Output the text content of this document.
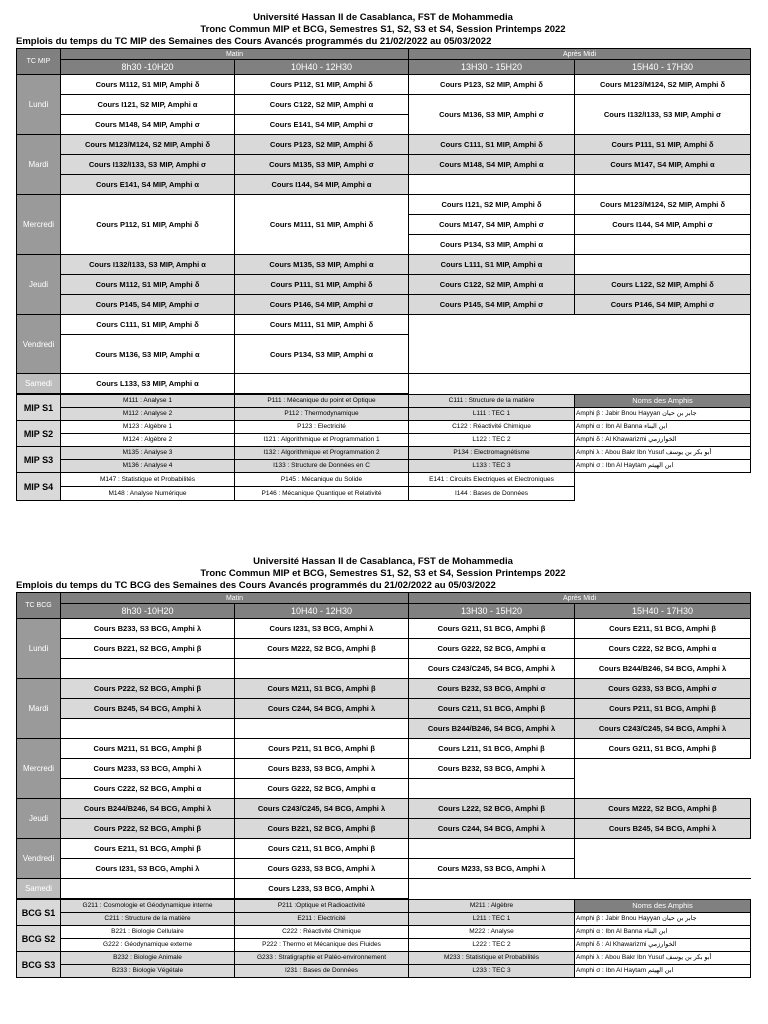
Université Hassan II de Casablanca, FST de Mohammedia
Tronc Commun MIP et BCG, Semestres S1, S2, S3 et S4, Session Printemps 2022
Emplois du temps du TC MIP des Semaines des Cours Avancés programmés du 21/02/2022 au 05/03/2022
TC MIP	Matin		Après Midi	
	8h30 -10H20	10H40 - 12H30	13H30 - 15H20	15H40 - 17H30
Lundi	Cours M112, S1 MIP, Amphi δ	Cours P112, S1 MIP, Amphi δ	Cours P123, S2 MIP, Amphi δ	Cours M123/M124, S2 MIP, Amphi δ
	Cours I121, S2 MIP, Amphi α	Cours C122, S2 MIP, Amphi α	Cours M136, S3 MIP, Amphi σ	Cours I132/I133, S3 MIP, Amphi σ
	Cours M148, S4 MIP, Amphi σ	Cours E141, S4 MIP, Amphi σ		
Mardi	Cours M123/M124, S2 MIP, Amphi δ	Cours P123, S2 MIP, Amphi δ	Cours C111, S1 MIP, Amphi δ	Cours P111, S1 MIP, Amphi δ
	Cours I132/I133, S3 MIP, Amphi σ	Cours M135, S3 MIP, Amphi σ	Cours M148, S4 MIP, Amphi α	Cours M147, S4 MIP, Amphi α
	Cours E141, S4 MIP, Amphi α	Cours I144, S4 MIP, Amphi α		
Mercredi	Cours P112, S1 MIP, Amphi δ	Cours M111, S1 MIP, Amphi δ	Cours I121, S2 MIP, Amphi δ	Cours M123/M124, S2 MIP, Amphi δ
			Cours M147, S4 MIP, Amphi σ	Cours I144, S4 MIP, Amphi σ
			Cours P134, S3 MIP, Amphi α	
Jeudi	Cours I132/I133, S3 MIP, Amphi α	Cours M135, S3 MIP, Amphi α	Cours L111, S1 MIP, Amphi α	
	Cours M112, S1 MIP, Amphi δ	Cours P111, S1 MIP, Amphi δ	Cours C122, S2 MIP, Amphi α	Cours L122, S2 MIP, Amphi δ
	Cours P145, S4 MIP, Amphi σ	Cours P146, S4 MIP, Amphi σ	Cours P145, S4 MIP, Amphi σ	Cours P146, S4 MIP, Amphi σ
Vendredi	Cours C111, S1 MIP, Amphi δ	Cours M111, S1 MIP, Amphi δ		
	Cours M136, S3 MIP, Amphi α	Cours P134, S3 MIP, Amphi α		
Samedi	Cours L133, S3 MIP, Amphi α			
MIP S1	M111 : Analyse 1	P111 : Mécanique du point et Optique	C111 : Structure de la matière	Noms des Amphis
	M112 : Analyse 2	P112 : Thermodynamique	L111 : TEC 1	Amphi β : Jabir Bnou Hayyan جابر بن حيان
MIP S2	M123 : Algèbre 1	P123 : Electricité	C122 : Réactivité Chimique	Amphi α : Ibn Al Banna ابن البناء
	M124 : Algèbre 2	I121 : Algorithmique et Programmation 1	L122 : TEC 2	Amphi δ : Al Khawarizmi الخوارزمي
MIP S3	M135 : Analyse 3	I132 : Algorithmique et Programmation 2	P134 : Electromagnétisme	Amphi λ : Abou Bakr Ibn Yusuf أبو بكر بن يوسف
	M136 : Analyse 4	I133 : Structure de Données en C	L133 : TEC 3	Amphi σ : Ibn Al Haytam ابن الهيثم
MIP S4	M147 : Statistique et Probabilités	P145 : Mécanique du Solide	E141 : Circuits Electriques et Electroniques	
	M148 : Analyse Numérique	P146 : Mécanique Quantique et Relativité	I144 : Bases de Données	
Université Hassan II de Casablanca, FST de Mohammedia
Tronc Commun MIP et BCG, Semestres S1, S2, S3 et S4, Session Printemps 2022
Emplois du temps du TC BCG des Semaines des Cours Avancés programmés du 21/02/2022 au 05/03/2022
TC BCG	Matin		Après Midi	
	8h30 -10H20	10H40 - 12H30	13H30 - 15H20	15H40 - 17H30
Lundi	Cours B233, S3 BCG, Amphi λ	Cours I231, S3 BCG, Amphi λ	Cours G211, S1 BCG, Amphi β	Cours E211, S1 BCG, Amphi β
	Cours B221, S2 BCG, Amphi β	Cours M222, S2 BCG, Amphi β	Cours G222, S2 BCG, Amphi α	Cours C222, S2 BCG, Amphi α
			Cours C243/C245, S4 BCG, Amphi λ	Cours B244/B246, S4 BCG, Amphi λ
Mardi	Cours P222, S2 BCG, Amphi β	Cours M211, S1 BCG, Amphi β	Cours B232, S3 BCG, Amphi σ	Cours G233, S3 BCG, Amphi σ
	Cours B245, S4 BCG, Amphi λ	Cours C244, S4 BCG, Amphi λ	Cours C211, S1 BCG, Amphi β	Cours P211, S1 BCG, Amphi β
			Cours B244/B246, S4 BCG, Amphi λ	Cours C243/C245, S4 BCG, Amphi λ
Mercredi	Cours M211, S1 BCG, Amphi β	Cours P211, S1 BCG, Amphi β	Cours L211, S1 BCG, Amphi β	Cours G211, S1 BCG, Amphi β
	Cours M233, S3 BCG, Amphi λ	Cours B233, S3 BCG, Amphi λ	Cours B232, S3 BCG, Amphi λ	
	Cours C222, S2 BCG, Amphi α	Cours G222, S2 BCG, Amphi α		
Jeudi	Cours B244/B246, S4 BCG, Amphi λ	Cours C243/C245, S4 BCG, Amphi λ	Cours L222, S2 BCG, Amphi β	Cours M222, S2 BCG, Amphi β
	Cours P222, S2 BCG, Amphi β	Cours B221, S2 BCG, Amphi β	Cours C244, S4 BCG, Amphi λ	Cours B245, S4 BCG, Amphi λ
Vendredi	Cours E211, S1 BCG, Amphi β	Cours C211, S1 BCG, Amphi β		
	Cours I231, S3 BCG, Amphi λ	Cours G233, S3 BCG, Amphi λ	Cours M233, S3 BCG, Amphi λ	
Samedi		Cours L233, S3 BCG, Amphi λ		
BCG S1	G211 : Cosmologie et Géodynamique interne	P211 :Optique et Radioactivité	M211 : Algèbre	Noms des Amphis
	C211 : Structure de la matière	E211 : Electricité	L211 : TEC 1	Amphi β : Jabir Bnou Hayyan جابر بن حيان
BCG S2	B221 : Biologie Cellulaire	C222 : Réactivité Chimique	M222 : Analyse	Amphi α : Ibn Al Banna ابن البناء
	G222 : Géodynamique externe	P222 : Thermo et Mécanique des Fluides	L222 : TEC 2	Amphi δ : Al Khawarizmi الخوارزمي
BCG S3	B232 : Biologie Animale	G233 : Stratigraphie et Paléo-environnement	M233 : Statistique et Probabilités	Amphi λ : Abou Bakr Ibn Yusuf أبو بكر بن يوسف
	B233 : Biologie Végétale	I231 : Bases de Données	L233 : TEC 3	Amphi σ : Ibn Al Haytam ابن الهيثم
